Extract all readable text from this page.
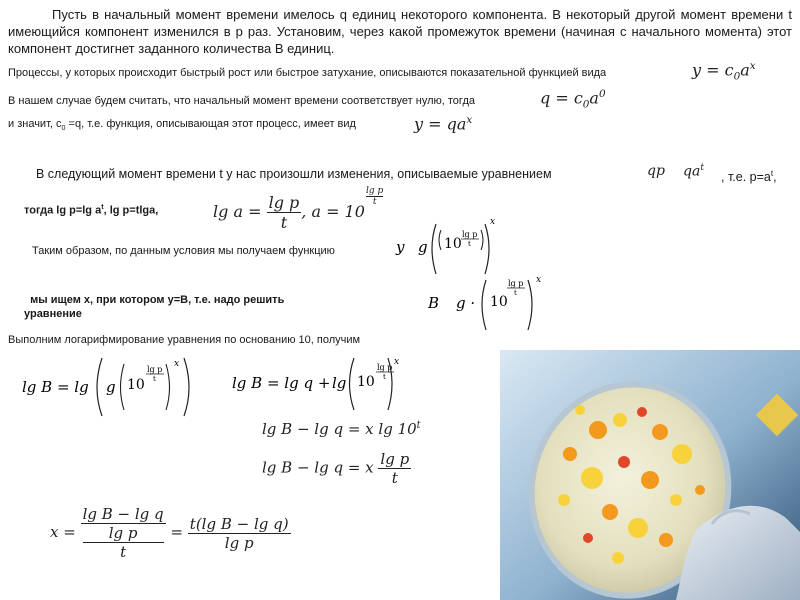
Пусть в начальный момент времени имелось q единиц некоторого компонента. В некоторый другой момент времени t имеющийся компонент изменился в p раз. Установим, через какой промежуток времени (начиная с начального момента) этот компонент достигнет заданного количества B единиц.
Процессы, у которых происходит быстрый рост или быстрое затухание, описываются показательной функцией вида	$y = c_0a^x$
В нашем случае будем считать, что начальный момент времени соответствует нулю, тогда	$q = c_0a^0$
и значит, $c_0 =q$, т.е. функция, описывающая этот процесс, имеет вид	$y = qa^x$
В следующий момент времени t у нас произошли изменения, описываемые уравнением	qp $qa^t$
, т.е. $p=a^t$,
тогда lg p=lg $a^t$, lg p=tlga,	$\lg a = \frac{\text{lg p}}{t}$ , a = 10
$\frac{\text{lg p}}{t}$
Таким образом, по данным условия мы получаем функцию	y g 10
lg p
t
x
мы ищем x, при котором y=B, т.е. надо решить
уравнение
B g · 10
lg p
t
x
Выполним логарифмирование уравнения по основанию 10, получим
lg B = lg g 10
lg p
t
x
lg B = lg q + lg 10
lg p
t
x
lg B − lg q = x lg 10$^t$
lg B − lg q = x $\frac{\text{lg p}}{t}$
x = lg B − lg q
lg p
$t = \frac{\text{t(lg B − lg q)}}{\text{lg p}}$
